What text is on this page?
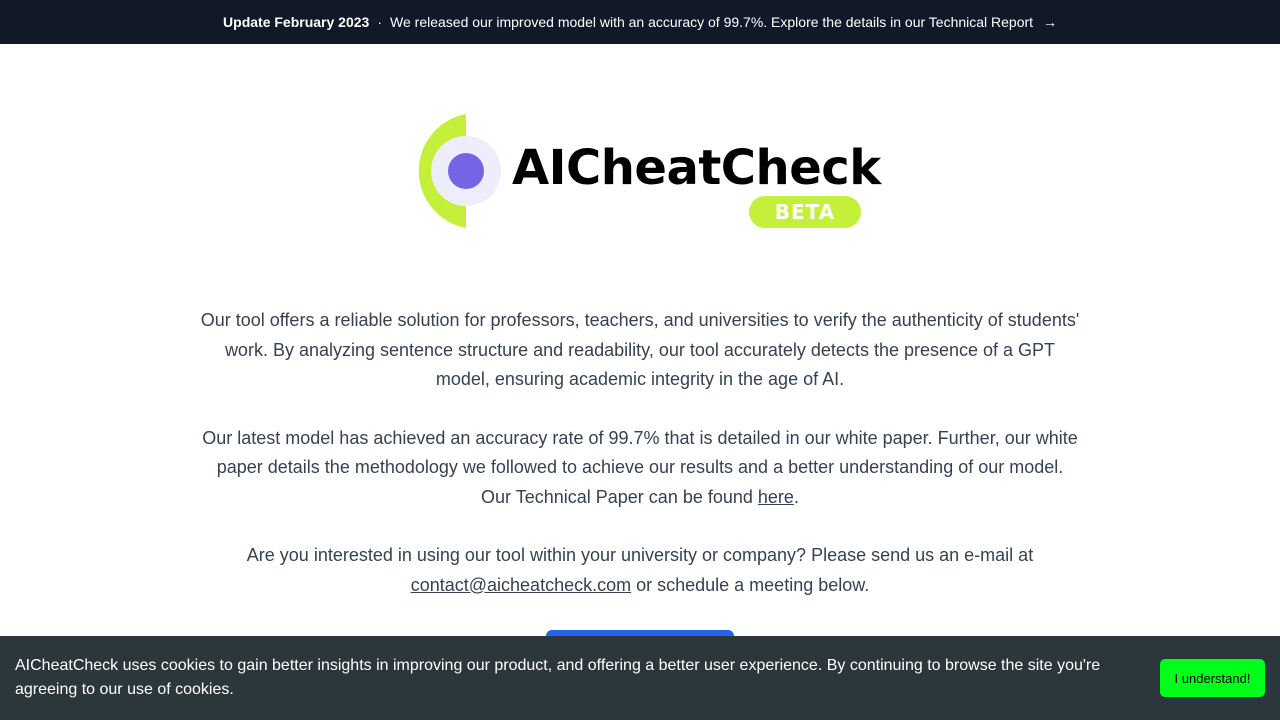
Update February 2023 · We released our improved model with an accuracy of 99.7%. Explore the details in our Technical Report →
AICheatCheck
BETA

Our tool offers a reliable solution for professors, teachers, and universities to verify the authenticity of students' work. By analyzing sentence structure and readability, our tool accurately detects the presence of a GPT model, ensuring academic integrity in the age of AI.

Our latest model has achieved an accuracy rate of 99.7% that is detailed in our white paper. Further, our white paper details the methodology we followed to achieve our results and a better understanding of our model. Our Technical Paper can be found here.

Are you interested in using our tool within your university or company? Please send us an e-mail at contact@aicheatcheck.com or schedule a meeting below.

AICheatCheck uses cookies to gain better insights in improving our product, and offering a better user experience. By continuing to browse the site you're agreeing to our use of cookies.
I understand!
